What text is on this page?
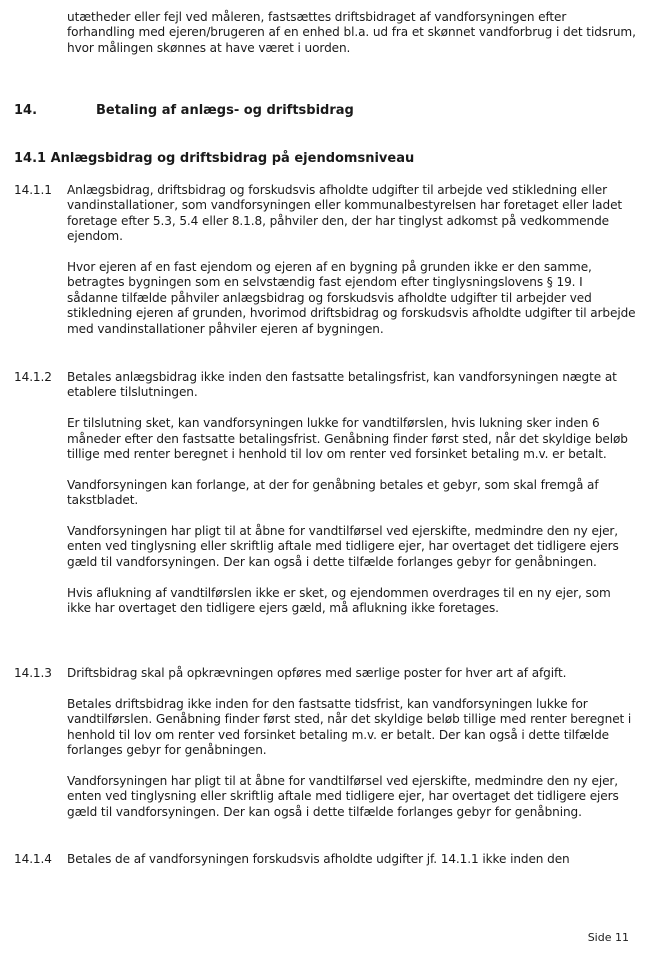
utætheder eller fejl ved måleren, fastsættes driftsbidraget af vandforsyningen efter forhandling med ejeren/brugeren af en enhed bl.a. ud fra et skønnet vandforbrug i det tidsrum, hvor målingen skønnes at have været i uorden.
14.	Betaling af anlægs- og driftsbidrag
14.1 Anlægsbidrag og driftsbidrag på ejendomsniveau
14.1.1 Anlægsbidrag, driftsbidrag og forskudsvis afholdte udgifter til arbejde ved stikledning eller vandinstallationer, som vandforsyningen eller kommunalbestyrelsen har foretaget eller ladet foretage efter 5.3, 5.4 eller 8.1.8, påhviler den, der har tinglyst adkomst på vedkommende ejendom.

Hvor ejeren af en fast ejendom og ejeren af en bygning på grunden ikke er den samme, betragtes bygningen som en selvstændig fast ejendom efter tinglysningslovens § 19. I sådanne tilfælde påhviler anlægsbidrag og forskudsvis afholdte udgifter til arbejder ved stikledning ejeren af grunden, hvorimod driftsbidrag og forskudsvis afholdte udgifter til arbejde med vandinstallationer påhviler ejeren af bygningen.

14.1.2 Betales anlægsbidrag ikke inden den fastsatte betalingsfrist, kan vandforsyningen nægte at etablere tilslutningen.

Er tilslutning sket, kan vandforsyningen lukke for vandtilførslen, hvis lukning sker inden 6 måneder efter den fastsatte betalingsfrist. Genåbning finder først sted, når det skyldige beløb tillige med renter beregnet i henhold til lov om renter ved forsinket betaling m.v. er betalt.

Vandforsyningen kan forlange, at der for genåbning betales et gebyr, som skal fremgå af takstbladet.

Vandforsyningen har pligt til at åbne for vandtilførsel ved ejerskifte, medmindre den ny ejer, enten ved tinglysning eller skriftlig aftale med tidligere ejer, har overtaget det tidligere ejers gæld til vandforsyningen. Der kan også i dette tilfælde forlanges gebyr for genåbningen.

Hvis aflukning af vandtilførslen ikke er sket, og ejendommen overdrages til en ny ejer, som ikke har overtaget den tidligere ejers gæld, må aflukning ikke foretages.

14.1.3 Driftsbidrag skal på opkrævningen opføres med særlige poster for hver art af afgift.

Betales driftsbidrag ikke inden for den fastsatte tidsfrist, kan vandforsyningen lukke for vandtilførslen. Genåbning finder først sted, når det skyldige beløb tillige med renter beregnet i henhold til lov om renter ved forsinket betaling m.v. er betalt. Der kan også i dette tilfælde forlanges gebyr for genåbningen.

Vandforsyningen har pligt til at åbne for vandtilførsel ved ejerskifte, medmindre den ny ejer, enten ved tinglysning eller skriftlig aftale med tidligere ejer, har overtaget det tidligere ejers gæld til vandforsyningen. Der kan også i dette tilfælde forlanges gebyr for genåbning.

14.1.4 Betales de af vandforsyningen forskudsvis afholdte udgifter jf. 14.1.1 ikke inden den

Side 11
